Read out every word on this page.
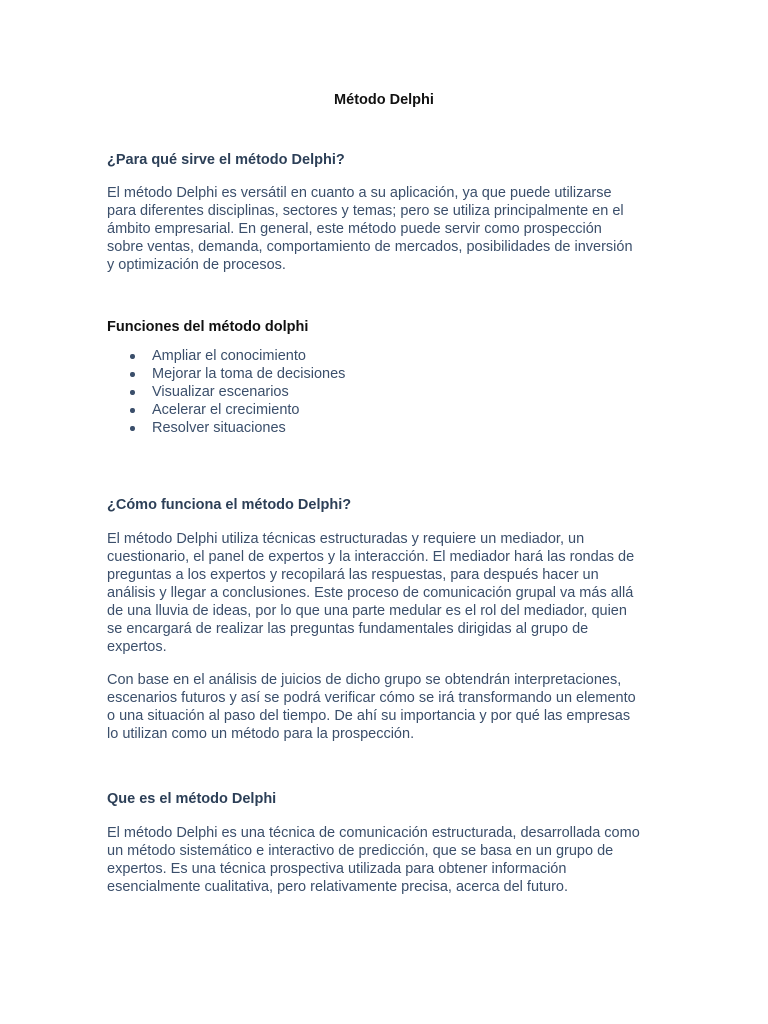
Método Delphi
¿Para qué sirve el método Delphi?

El método Delphi es versátil en cuanto a su aplicación, ya que puede utilizarse
para diferentes disciplinas, sectores y temas; pero se utiliza principalmente en el
ámbito empresarial. En general, este método puede servir como prospección
sobre ventas, demanda, comportamiento de mercados, posibilidades de inversión
y optimización de procesos.

Funciones del método dolphi
Ampliar el conocimiento
Mejorar la toma de decisiones
Visualizar escenarios
Acelerar el crecimiento
Resolver situaciones
¿Cómo funciona el método Delphi?

El método Delphi utiliza técnicas estructuradas y requiere un mediador, un
cuestionario, el panel de expertos y la interacción. El mediador hará las rondas de
preguntas a los expertos y recopilará las respuestas, para después hacer un
análisis y llegar a conclusiones. Este proceso de comunicación grupal va más allá
de una lluvia de ideas, por lo que una parte medular es el rol del mediador, quien
se encargará de realizar las preguntas fundamentales dirigidas al grupo de
expertos.

Con base en el análisis de juicios de dicho grupo se obtendrán interpretaciones,
escenarios futuros y así se podrá verificar cómo se irá transformando un elemento
o una situación al paso del tiempo. De ahí su importancia y por qué las empresas
lo utilizan como un método para la prospección.

Que es el método Delphi

El método Delphi es una técnica de comunicación estructurada, desarrollada como
un método sistemático e interactivo de predicción, que se basa en un grupo de
expertos. Es una técnica prospectiva utilizada para obtener información
esencialmente cualitativa, pero relativamente precisa, acerca del futuro.
